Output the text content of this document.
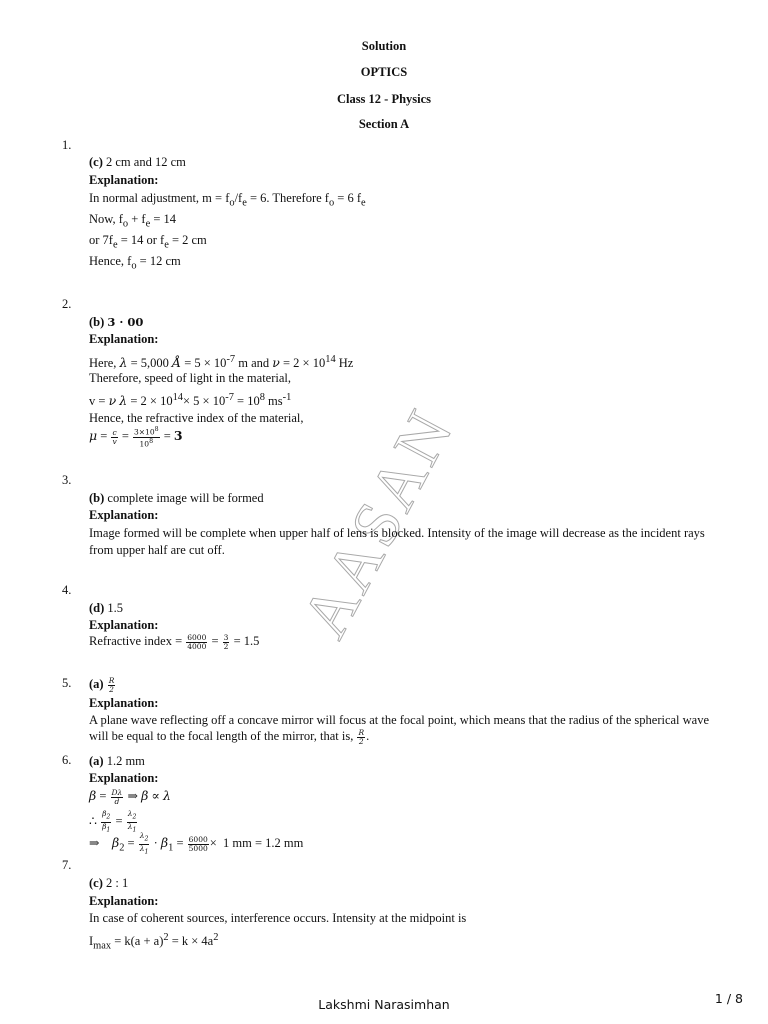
Solution
OPTICS
Class 12 - Physics
Section A
AASAN
1.
(c) 2 cm and 12 cm
Explanation:
In normal adjustment, $m = f_o/f_e = 6$. Therefore $f_o = 6$ $f_e$
Now, $f_o + f_e = 14$
or $7f_e = 14$ or $f_e = 2$ cm
Hence, $f_o = 12$ cm
2.
(b) 3 · 00
Explanation:
Here, λ = 5,000 Å = $5 \times 10^{-7}$ m and $\nu = 2 \times 10^{14}$ Hz
Therefore, speed of light in the material,
v = ν $\lambda = 2 \times 10^{14}\times 5 \times 10^{-7} = 10^8$ $ms^{-1}$
Hence, the refractive index of the material,
$\mu = \frac{c}{v} = \frac{3\times 10^8}{10^8} = 3$
3.
(b) complete image will be formed
Explanation:
Image formed will be complete when upper half of lens is blocked. Intensity of the image will decrease as the incident rays
from upper half are cut off.
4.
(d) 1.5
Explanation:
Refractive index = $\frac{6000}{4000} = \frac{3}{2} = 1.5$
5. $(a) \frac{R}{2}$
Explanation:
A plane wave reflecting off a concave mirror will focus at the focal point, which means that the radius of the spherical wave
will be equal to the focal length of the mirror, that is, $\frac{R}{2}$ .
6. (a) 1.2 mm
Explanation:
$\beta = \frac{D\lambda}{d}$ ⇒ β ∝ λ
∴ $\frac{\beta_2}{\beta_1} = \frac{\lambda_2}{\lambda_1}$
⇒ $\beta_2 = \frac{\lambda_2}{\lambda_1} \cdot \beta_1 = \frac{6000}{5000} \times 1$ mm = 1.2 mm
7.
(c) 2 : 1
Explanation:
In case of coherent sources, interference occurs. Intensity at the midpoint is
$I_{max} = k(a + a)^2 = k \times 4a^2$
Lakshmi Narasimhan	1 / 8
